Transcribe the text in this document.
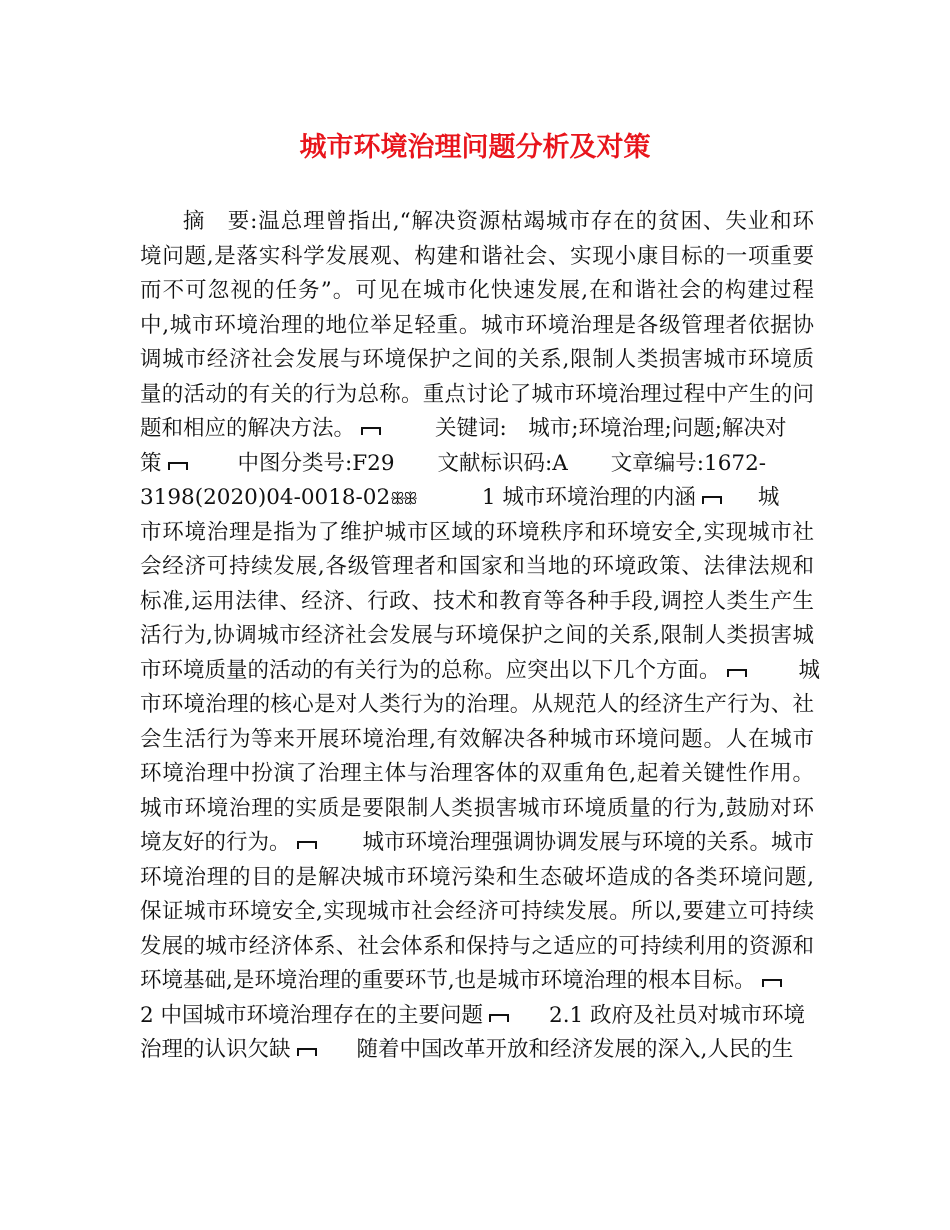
城市环境治理问题分析及对策
摘　要:温总理曾指出,“解决资源枯竭城市存在的贫困、失业和环
境问题,是落实科学发展观、构建和谐社会、实现小康目标的一项重要
而不可忽视的任务”。可见在城市化快速发展,在和谐社会的构建过程
中,城市环境治理的地位举足轻重。城市环境治理是各级管理者依据协
调城市经济社会发展与环境保护之间的关系,限制人类损害城市环境质
量的活动的有关的行为总称。重点讨论了城市环境治理过程中产生的问
题和相应的解决方法。	关键词:　城市;环境治理;问题;解决对
策	中图分类号:F29　　文献标识码:A　　文章编号:1672-
3198(2020)04-0018-02ꕥꕥ	1 城市环境治理的内涵	城
市环境治理是指为了维护城市区域的环境秩序和环境安全,实现城市社
会经济可持续发展,各级管理者和国家和当地的环境政策、法律法规和
标准,运用法律、经济、行政、技术和教育等各种手段,调控人类生产生
活行为,协调城市经济社会发展与环境保护之间的关系,限制人类损害城
市环境质量的活动的有关行为的总称。应突出以下几个方面。	城
市环境治理的核心是对人类行为的治理。从规范人的经济生产行为、社
会生活行为等来开展环境治理,有效解决各种城市环境问题。人在城市
环境治理中扮演了治理主体与治理客体的双重角色,起着关键性作用。
城市环境治理的实质是要限制人类损害城市环境质量的行为,鼓励对环
境友好的行为。	城市环境治理强调协调发展与环境的关系。城市
环境治理的目的是解决城市环境污染和生态破坏造成的各类环境问题,
保证城市环境安全,实现城市社会经济可持续发展。所以,要建立可持续
发展的城市经济体系、社会体系和保持与之适应的可持续利用的资源和
环境基础,是环境治理的重要环节,也是城市环境治理的根本目标。
2 中国城市环境治理存在的主要问题	2.1 政府及社员对城市环境
治理的认识欠缺	随着中国改革开放和经济发展的深入,人民的生
